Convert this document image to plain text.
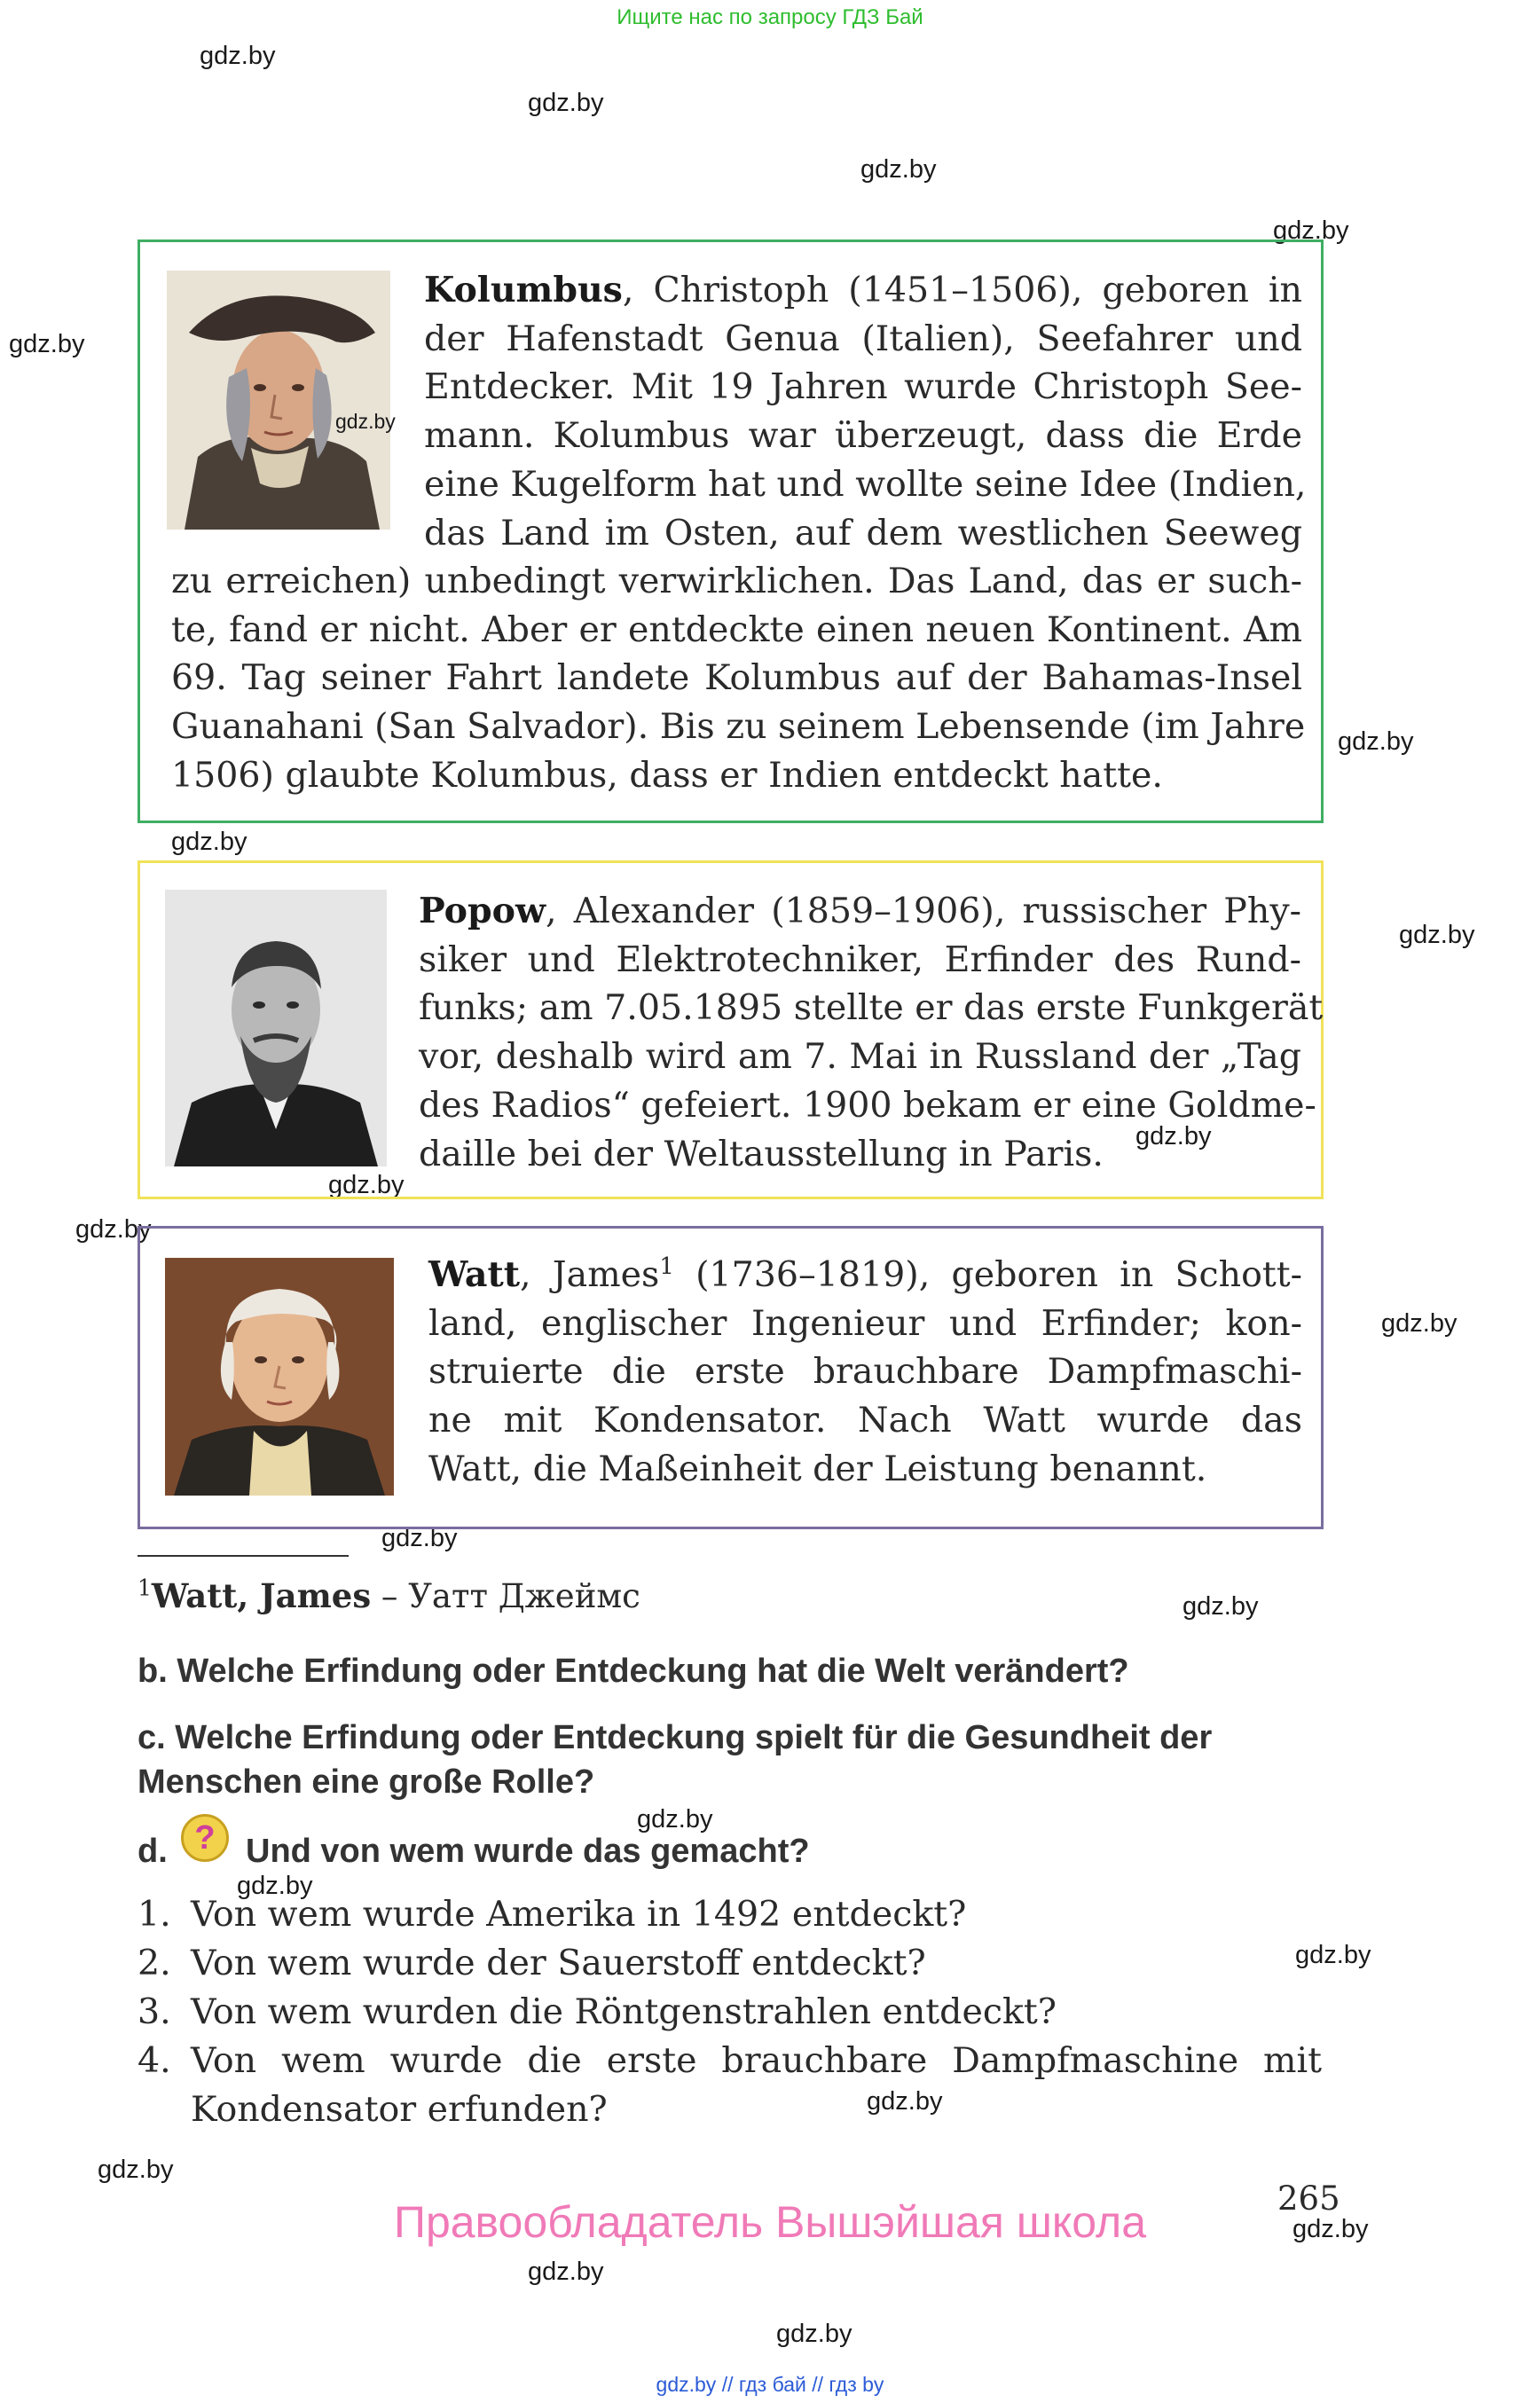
Ищите нас по запросу ГДЗ Бай
gdz.by
gdz.by
gdz.by
gdz.by
gdz.by
gdz.by
gdz.by
gdz.by
gdz.by
gdz.by
gdz.by
gdz.by
gdz.by
gdz.by
gdz.by
gdz.by
gdz.by
gdz.by
gdz.by
gdz.by
gdz.by
gdz.by
gdz.by
Kolumbus, Christoph (1451–1506), geboren in
der Hafenstadt Genua (Italien), Seefahrer und
Entdecker. Mit 19 Jahren wurde Christoph See-
mann. Kolumbus war überzeugt, dass die Erde
eine Kugelform hat und wollte seine Idee (Indien,
das Land im Osten, auf dem westlichen Seeweg
zu erreichen) unbedingt verwirklichen. Das Land, das er such-
te, fand er nicht. Aber er entdeckte einen neuen Kontinent. Am
69. Tag seiner Fahrt landete Kolumbus auf der Bahamas-Insel
Guanahani (San Salvador). Bis zu seinem Lebensende (im Jahre
1506) glaubte Kolumbus, dass er Indien entdeckt hatte.
Popow, Alexander (1859–1906), russischer Phy-
siker und Elektrotechniker, Erfinder des Rund-
funks; am 7.05.1895 stellte er das erste Funkgerät
vor, deshalb wird am 7. Mai in Russland der „Tag
des Radios“ gefeiert. 1900 bekam er eine Goldme-
daille bei der Weltausstellung in Paris.
Watt, James$^1$ (1736–1819), geboren in Schott-
land, englischer Ingenieur und Erfinder; kon-
struierte die erste brauchbare Dampfmaschi-
ne mit Kondensator. Nach Watt wurde das
Watt, die Maßeinheit der Leistung benannt.
$^1$Watt, James – Уатт Джеймс
b. Welche Erfindung oder Entdeckung hat die Welt verändert?
c. Welche Erfindung oder Entdeckung spielt für die Gesundheit der
Menschen eine große Rolle?
d. ? Und von wem wurde das gemacht?
1. Von wem wurde Amerika in 1492 entdeckt?
2. Von wem wurde der Sauerstoff entdeckt?
3. Von wem wurden die Röntgenstrahlen entdeckt?
4. Von wem wurde die erste brauchbare Dampfmaschine mit
Kondensator erfunden?
265
Правообладатель Вышэйшая школа
gdz.by // гдз бай // гдз by
